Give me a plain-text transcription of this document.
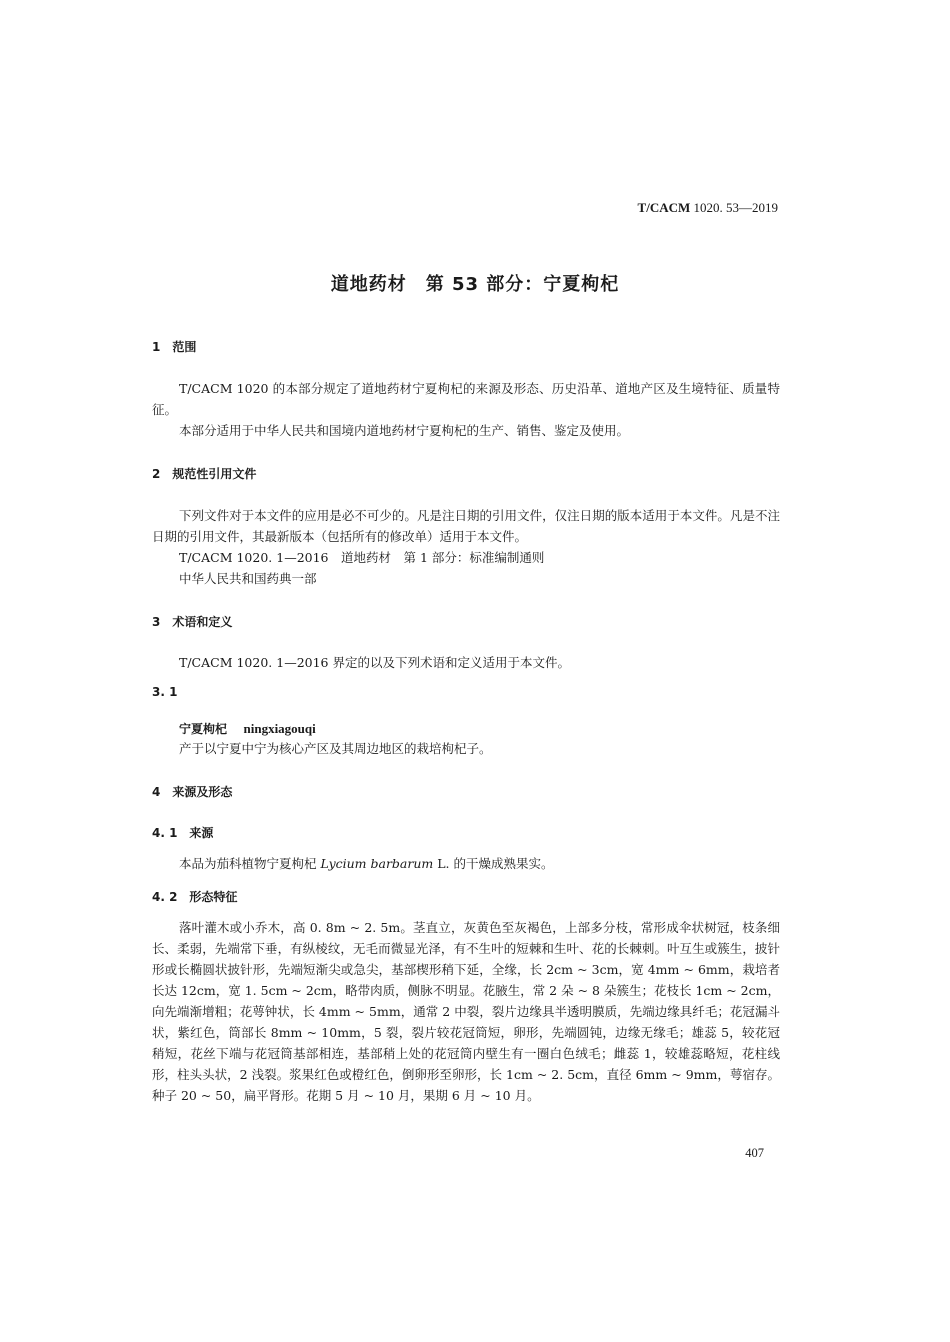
T/CACM 1020. 53—2019
道地药材　第 53 部分：宁夏枸杞
1　范围
T/CACM 1020 的本部分规定了道地药材宁夏枸杞的来源及形态、历史沿革、道地产区及生境特征、质量特征。
本部分适用于中华人民共和国境内道地药材宁夏枸杞的生产、销售、鉴定及使用。
2　规范性引用文件
下列文件对于本文件的应用是必不可少的。凡是注日期的引用文件，仅注日期的版本适用于本文件。凡是不注日期的引用文件，其最新版本（包括所有的修改单）适用于本文件。
T/CACM 1020. 1—2016　道地药材　第 1 部分：标准编制通则
中华人民共和国药典一部
3　术语和定义
T/CACM 1020. 1—2016 界定的以及下列术语和定义适用于本文件。
3. 1
宁夏枸杞　 ningxiagouqi
产于以宁夏中宁为核心产区及其周边地区的栽培枸杞子。
4　来源及形态
4. 1　来源
本品为茄科植物宁夏枸杞 Lycium barbarum L. 的干燥成熟果实。
4. 2　形态特征
落叶灌木或小乔木，高 0. 8m ~ 2. 5m。茎直立，灰黄色至灰褐色，上部多分枝，常形成伞状树冠，枝条细长、柔弱，先端常下垂，有纵棱纹，无毛而微显光泽，有不生叶的短棘和生叶、花的长棘刺。叶互生或簇生，披针形或长椭圆状披针形，先端短渐尖或急尖，基部楔形稍下延，全缘，长 2cm ~ 3cm，宽 4mm ~ 6mm，栽培者长达 12cm，宽 1. 5cm ~ 2cm，略带肉质，侧脉不明显。花腋生，常 2 朵 ~ 8 朵簇生；花枝长 1cm ~ 2cm，向先端渐增粗；花萼钟状，长 4mm ~ 5mm，通常 2 中裂，裂片边缘具半透明膜质，先端边缘具纤毛；花冠漏斗状，紫红色，筒部长 8mm ~ 10mm，5 裂，裂片较花冠筒短，卵形，先端圆钝，边缘无缘毛；雄蕊 5，较花冠稍短，花丝下端与花冠筒基部相连，基部稍上处的花冠筒内壁生有一圈白色绒毛；雌蕊 1，较雄蕊略短，花柱线形，柱头头状，2 浅裂。浆果红色或橙红色，倒卵形至卵形，长 1cm ~ 2. 5cm，直径 6mm ~ 9mm，萼宿存。种子 20 ~ 50，扁平肾形。花期 5 月 ~ 10 月，果期 6 月 ~ 10 月。
407
